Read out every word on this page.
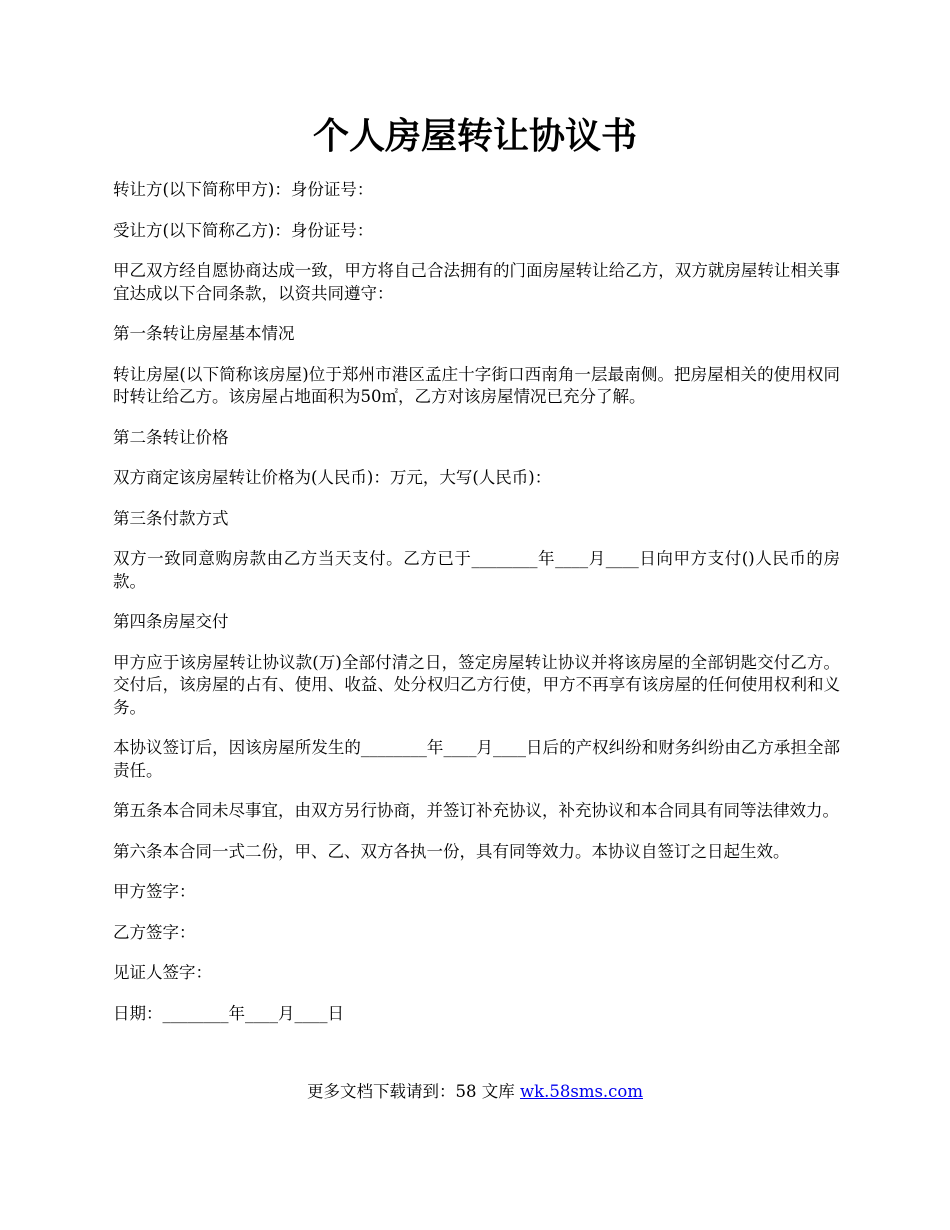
个人房屋转让协议书

转让方(以下简称甲方)：身份证号：

受让方(以下简称乙方)：身份证号：

甲乙双方经自愿协商达成一致，甲方将自己合法拥有的门面房屋转让给乙方，双方就房屋转让相关事宜达成以下合同条款，以资共同遵守：

第一条转让房屋基本情况

转让房屋(以下简称该房屋)位于郑州市港区孟庄十字街口西南角一层最南侧。把房屋相关的使用权同时转让给乙方。该房屋占地面积为50㎡，乙方对该房屋情况已充分了解。

第二条转让价格

双方商定该房屋转让价格为(人民币)：万元，大写(人民币)：

第三条付款方式

双方一致同意购房款由乙方当天支付。乙方已于________年____月____日向甲方支付()人民币的房款。

第四条房屋交付

甲方应于该房屋转让协议款(万)全部付清之日，签定房屋转让协议并将该房屋的全部钥匙交付乙方。交付后，该房屋的占有、使用、收益、处分权归乙方行使，甲方不再享有该房屋的任何使用权利和义务。

本协议签订后，因该房屋所发生的________年____月____日后的产权纠纷和财务纠纷由乙方承担全部责任。

第五条本合同未尽事宜，由双方另行协商，并签订补充协议，补充协议和本合同具有同等法律效力。

第六条本合同一式二份，甲、乙、双方各执一份，具有同等效力。本协议自签订之日起生效。

甲方签字：

乙方签字：

见证人签字：

日期：________年____月____日

更多文档下载请到：58 文库 wk.58sms.com
